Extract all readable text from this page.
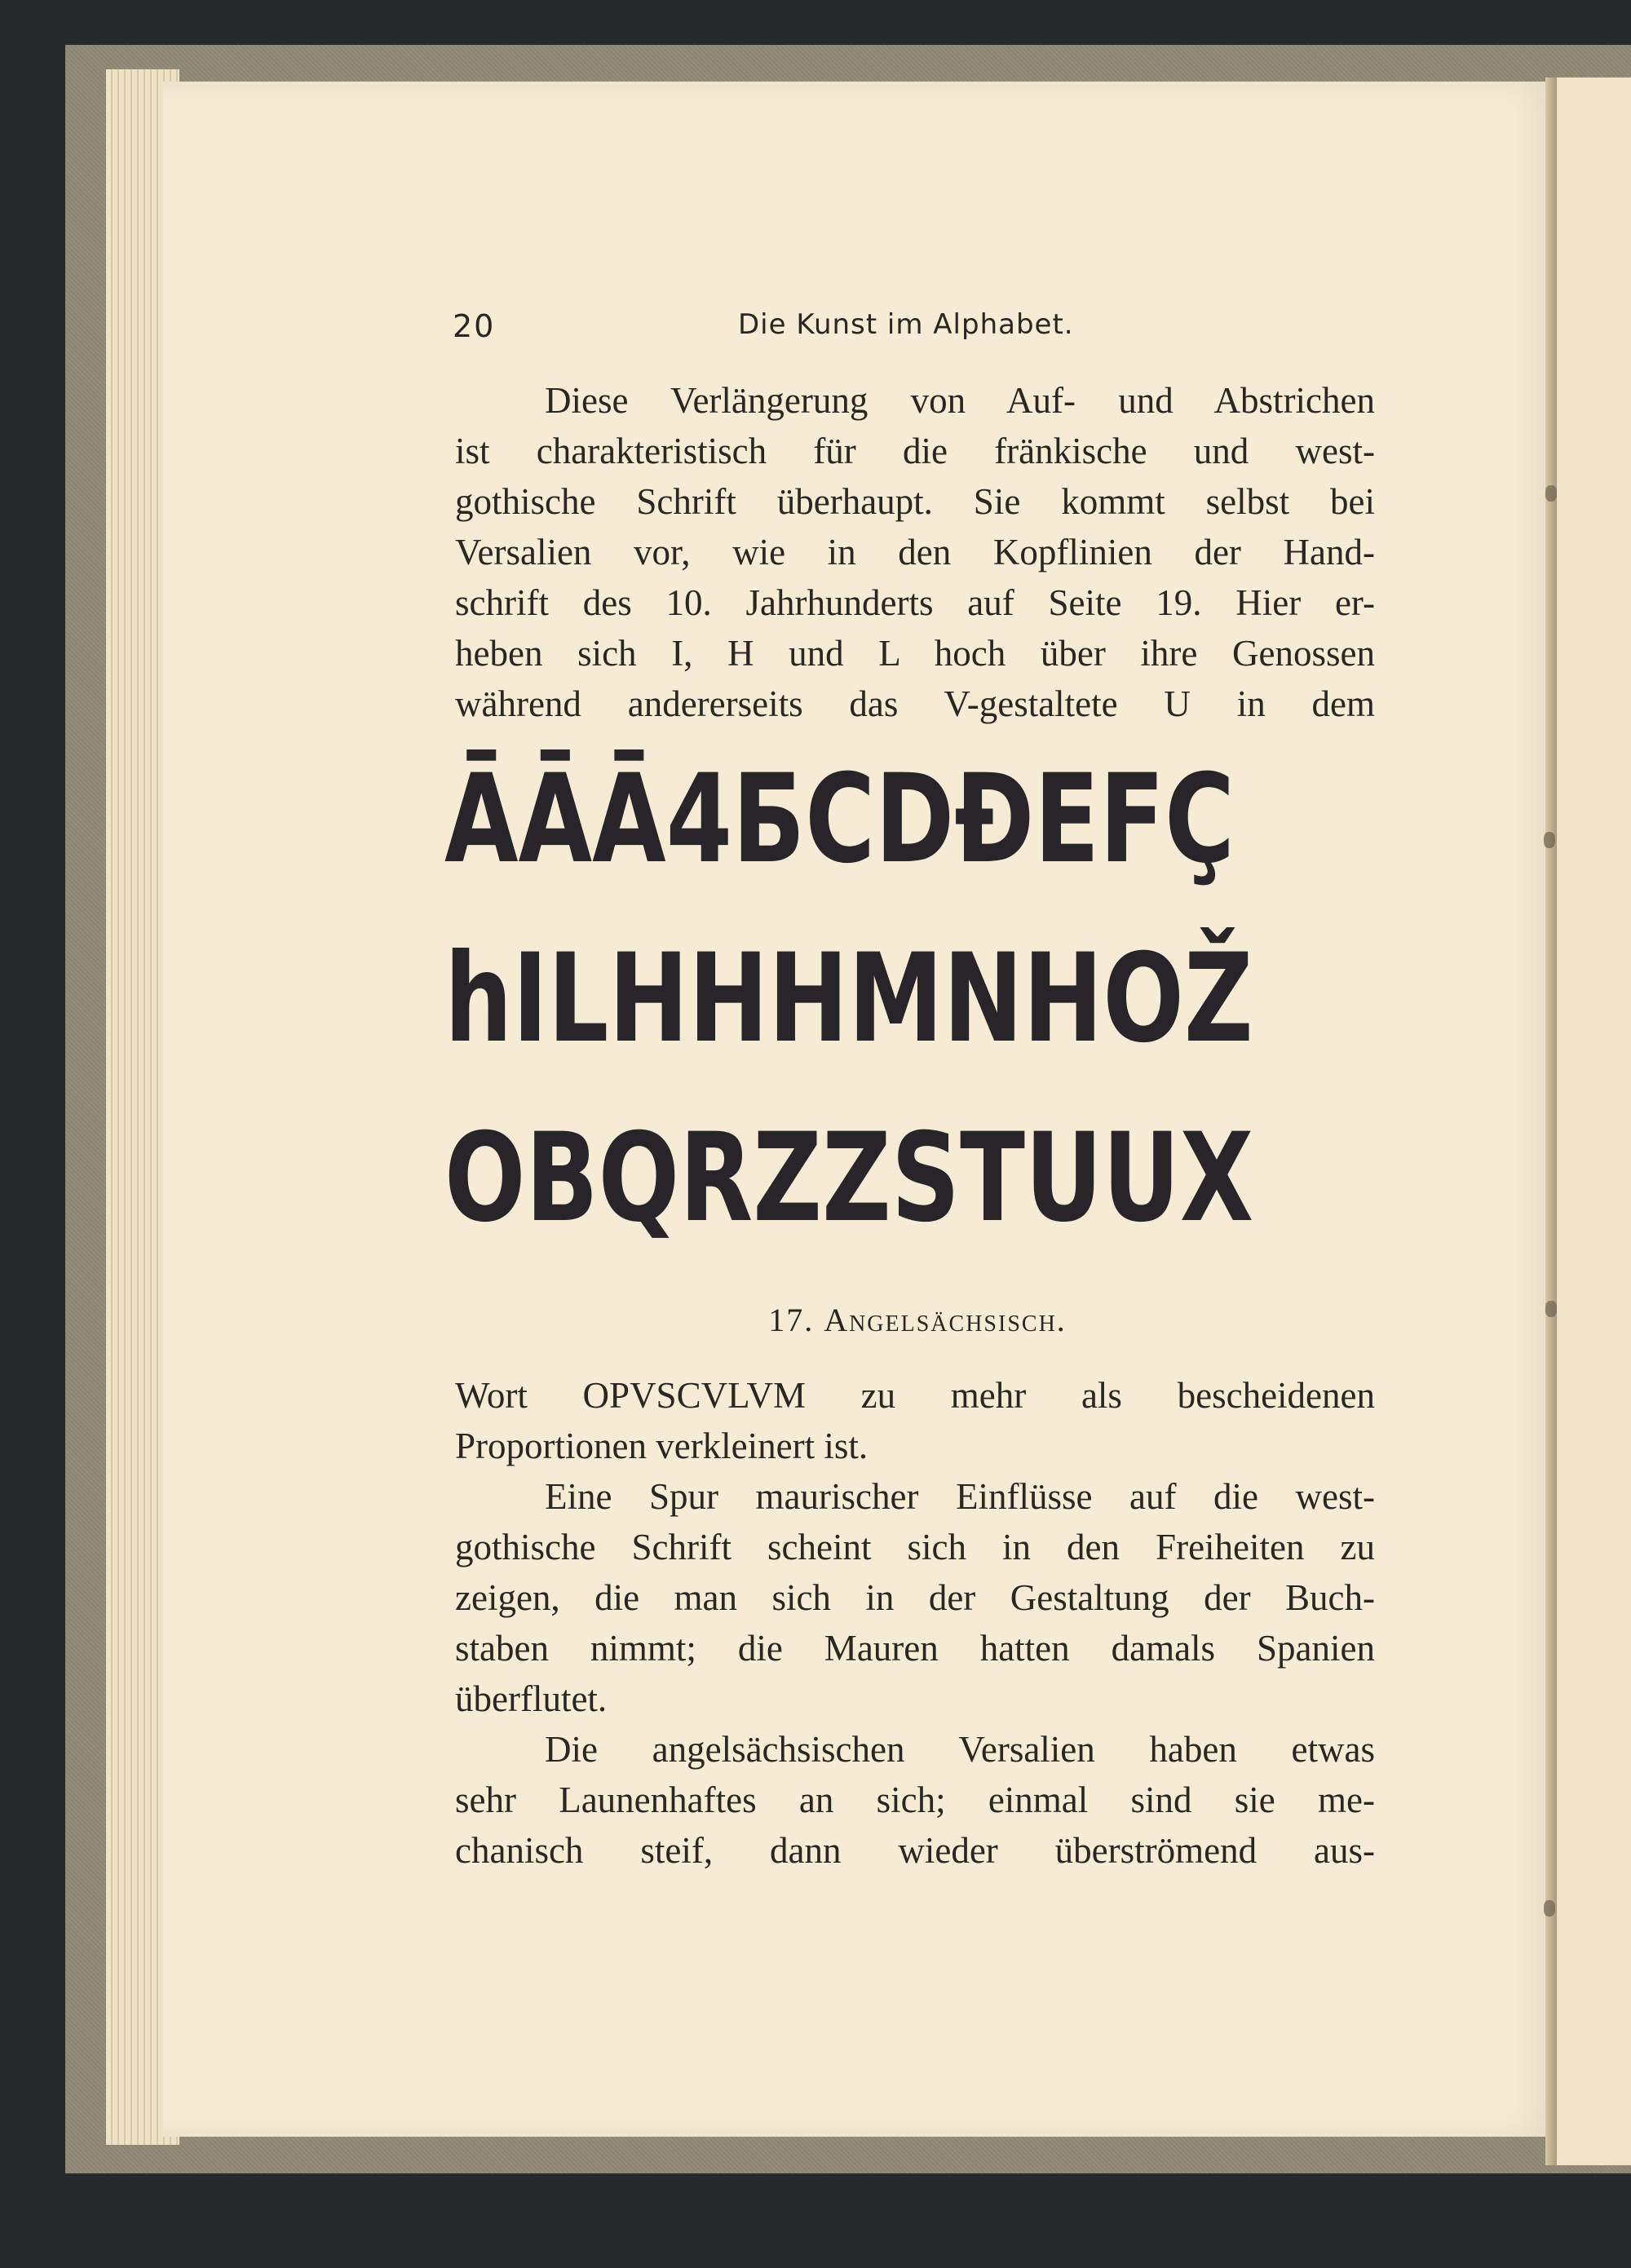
20	Die Kunst im Alphabet.
Diese Verlängerung von Auf- und Abstrichen
ist charakteristisch für die fränkische und west-
gothische Schrift überhaupt. Sie kommt selbst bei
Versalien vor, wie in den Kopflinien der Hand-
schrift des 10. Jahrhunderts auf Seite 19. Hier er-
heben sich I, H und L hoch über ihre Genossen
während andererseits das V-gestaltete U in dem
ĀĀĀ4ƂCDÐEFÇ
hILHHHMNHOŽ
OBQRZZSTUUX
17. Angelsächsisch.
Wort OPVSCVLVM zu mehr als bescheidenen
Proportionen verkleinert ist.
Eine Spur maurischer Einflüsse auf die west-
gothische Schrift scheint sich in den Freiheiten zu
zeigen, die man sich in der Gestaltung der Buch-
staben nimmt; die Mauren hatten damals Spanien
überflutet.
Die angelsächsischen Versalien haben etwas
sehr Launenhaftes an sich; einmal sind sie me-
chanisch steif, dann wieder überströmend aus-
